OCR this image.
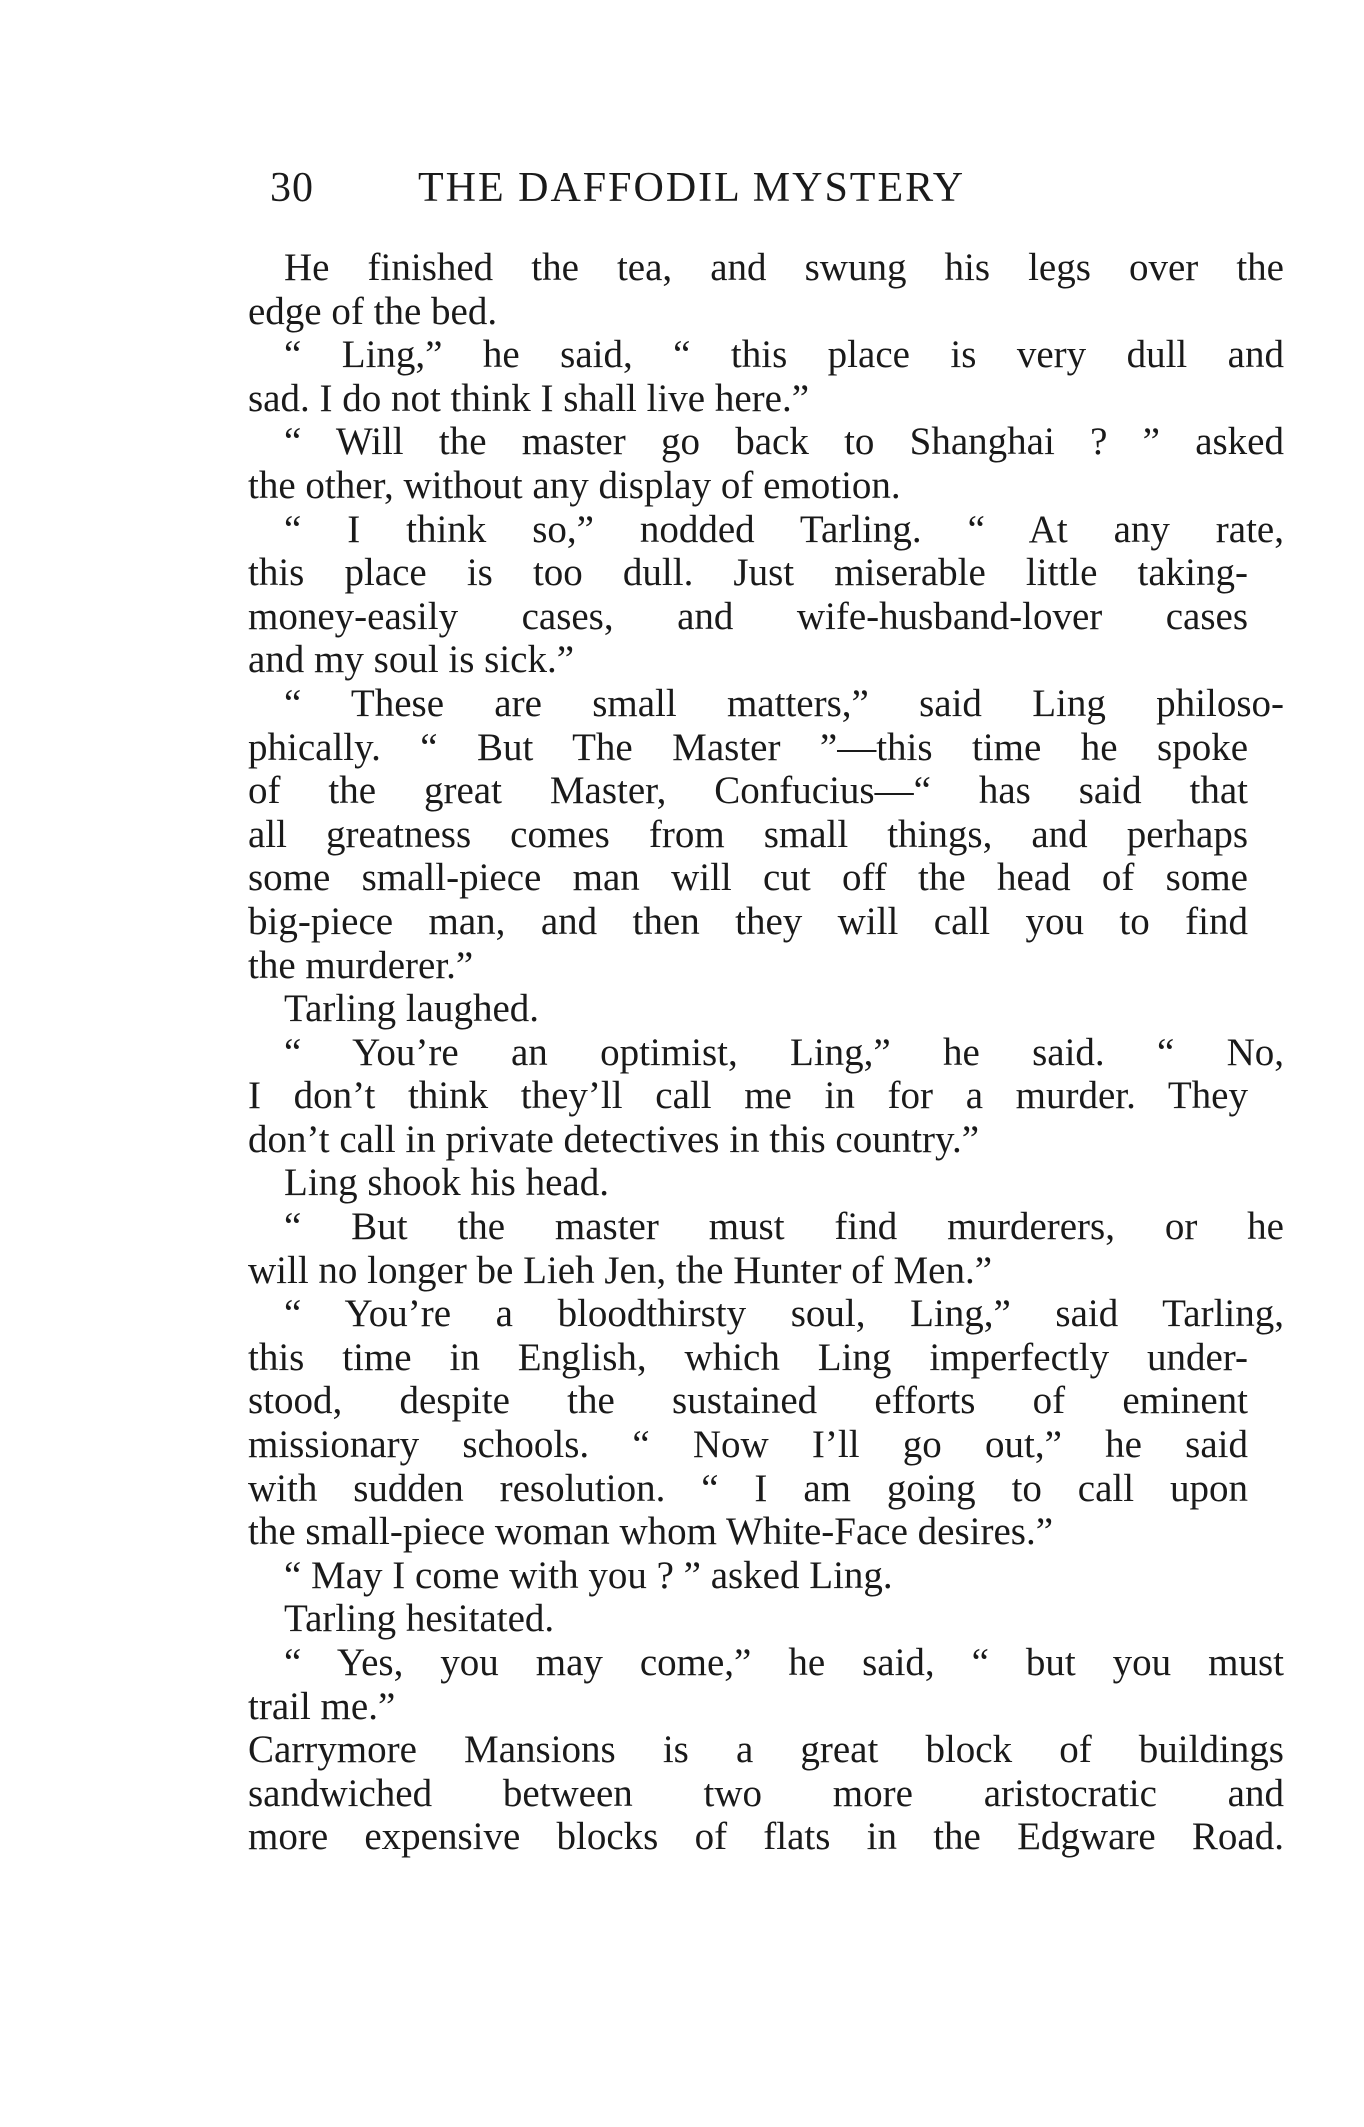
30 THE DAFFODIL MYSTERY
He finished the tea, and swung his legs over the
edge of the bed.
“ Ling,” he said, “ this place is very dull and
sad. I do not think I shall live here.”
“ Will the master go back to Shanghai ? ” asked
the other, without any display of emotion.
“ I think so,” nodded Tarling. “ At any rate,
this place is too dull. Just miserable little taking-
money-easily cases, and wife-husband-lover cases
and my soul is sick.”
“ These are small matters,” said Ling philoso-
phically. “ But The Master ”—this time he spoke
of the great Master, Confucius—“ has said that
all greatness comes from small things, and perhaps
some small-piece man will cut off the head of some
big-piece man, and then they will call you to find
the murderer.”
Tarling laughed.
“ You’re an optimist, Ling,” he said. “ No,
I don’t think they’ll call me in for a murder. They
don’t call in private detectives in this country.”
Ling shook his head.
“ But the master must find murderers, or he
will no longer be Lieh Jen, the Hunter of Men.”
“ You’re a bloodthirsty soul, Ling,” said Tarling,
this time in English, which Ling imperfectly under-
stood, despite the sustained efforts of eminent
missionary schools. “ Now I’ll go out,” he said
with sudden resolution. “ I am going to call upon
the small-piece woman whom White-Face desires.”
“ May I come with you ? ” asked Ling.
Tarling hesitated.
“ Yes, you may come,” he said, “ but you must
trail me.”
Carrymore Mansions is a great block of buildings
sandwiched between two more aristocratic and
more expensive blocks of flats in the Edgware Road.
